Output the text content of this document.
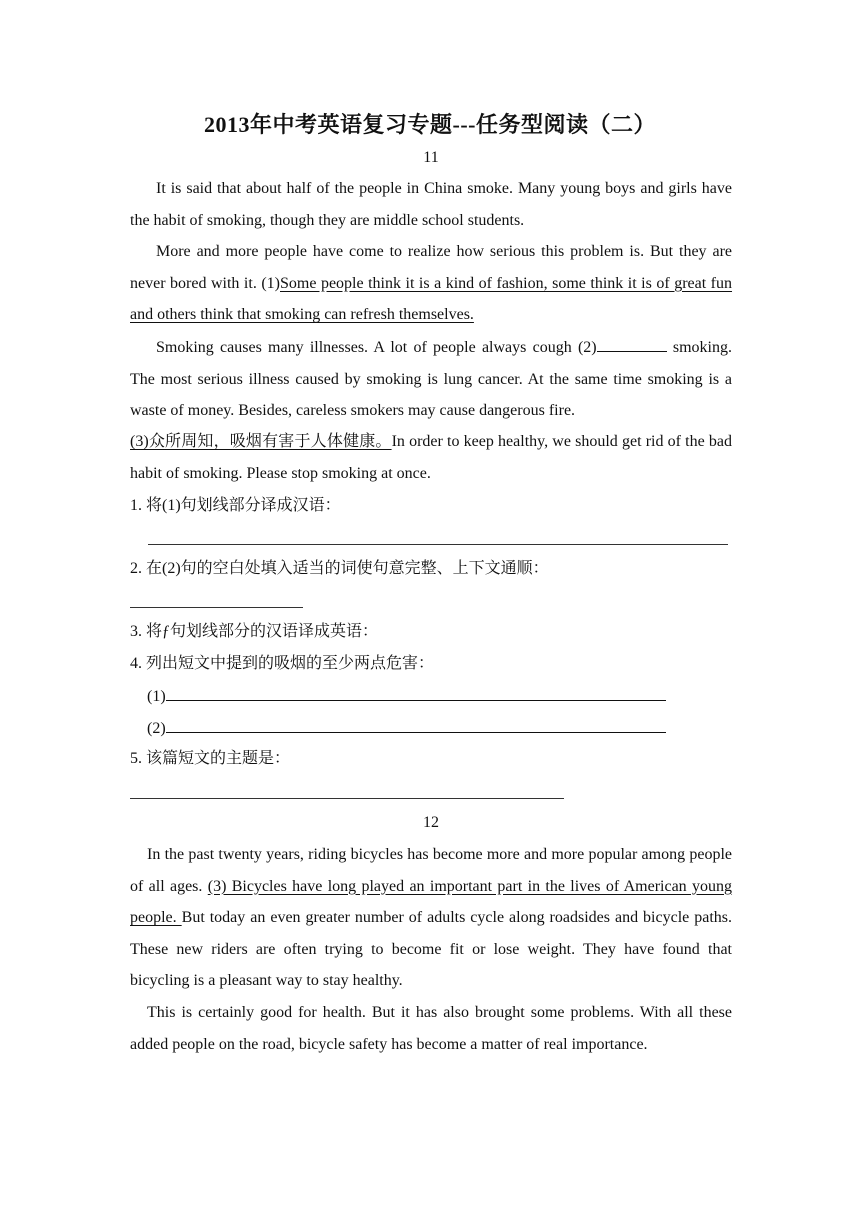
2013年中考英语复习专题---任务型阅读（二）

11

It is said that about half of the people in China smoke. Many young boys and girls have the habit of smoking, though they are middle school students.

More and more people have come to realize how serious this problem is. But they are never bored with it. (1)Some people think it is a kind of fashion, some think it is of great fun and others think that smoking can refresh themselves.

Smoking causes many illnesses. A lot of people always cough (2)	smoking. The most serious illness caused by smoking is lung cancer. At the same time smoking is a waste of money. Besides, careless smokers may cause dangerous fire.

(3)众所周知，吸烟有害于人体健康。In order to keep healthy, we should get rid of the bad habit of smoking. Please stop smoking at once.

1. 将(1)句划线部分译成汉语：

2. 在(2)句的空白处填入适当的词使句意完整、上下文通顺：

3. 将ƒ句划线部分的汉语译成英语：

4. 列出短文中提到的吸烟的至少两点危害：

(1)

(2)

5. 该篇短文的主题是：

12

In the past twenty years, riding bicycles has become more and more popular among people of all ages. (3) Bicycles have long played an important part in the lives of American young people. But today an even greater number of adults cycle along roadsides and bicycle paths. These new riders are often trying to become fit or lose weight. They have found that bicycling is a pleasant way to stay healthy.

This is certainly good for health. But it has also brought some problems. With all these added people on the road, bicycle safety has become a matter of real importance.
